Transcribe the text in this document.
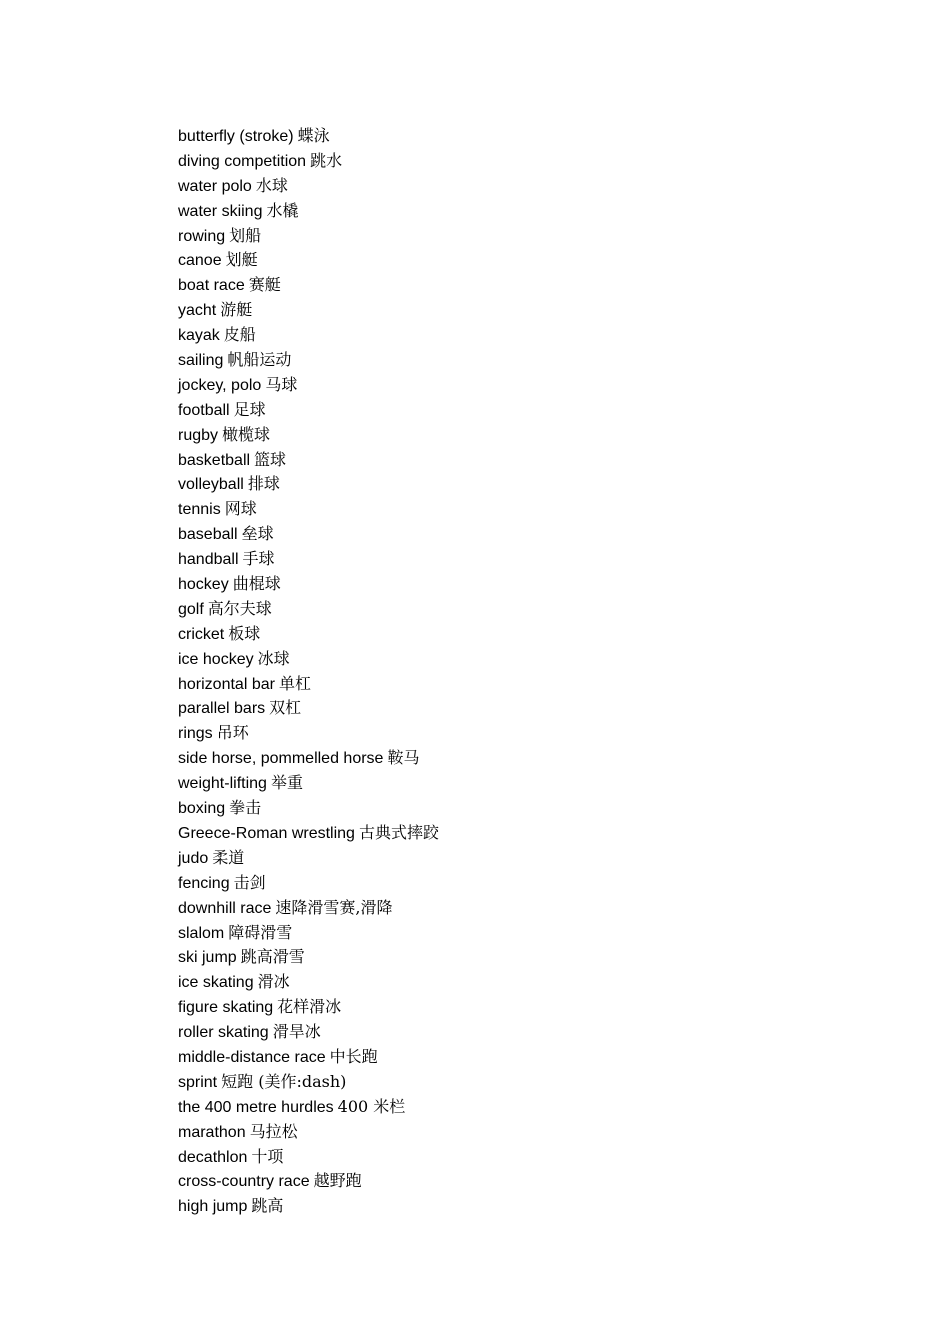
butterfly (stroke) 蝶泳
diving competition 跳水
water polo 水球
water skiing 水橇
rowing 划船
canoe 划艇
boat race 赛艇
yacht 游艇
kayak 皮船
sailing 帆船运动
jockey, polo 马球
football 足球
rugby 橄榄球
basketball 篮球
volleyball 排球
tennis 网球
baseball 垒球
handball 手球
hockey 曲棍球
golf 高尔夫球
cricket 板球
ice hockey 冰球
horizontal bar 单杠
parallel bars 双杠
rings 吊环
side horse, pommelled horse 鞍马
weight-lifting 举重
boxing 拳击
Greece-Roman wrestling 古典式摔跤
judo 柔道
fencing 击剑
downhill race 速降滑雪赛,滑降
slalom 障碍滑雪
ski jump 跳高滑雪
ice skating 滑冰
figure skating 花样滑冰
roller skating 滑旱冰
middle-distance race 中长跑
sprint 短跑 (美作:dash)
the 400 metre hurdles 400 米栏
marathon 马拉松
decathlon 十项
cross-country race 越野跑
high jump 跳高
